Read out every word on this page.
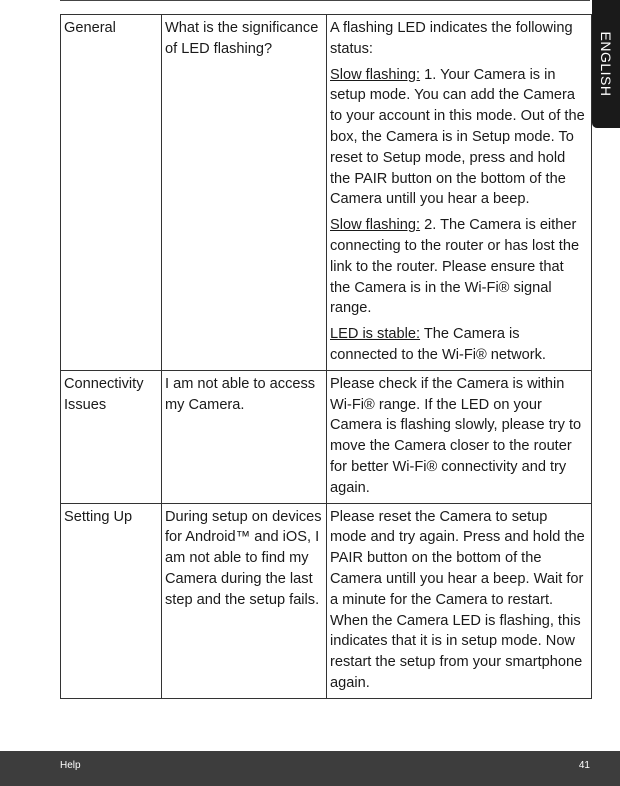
ENGLISH
General	What is the significance of LED flashing?	A flashing LED indicates the following status:

Slow flashing: 1. Your Camera is in setup mode. You can add the Camera to your account in this mode. Out of the box, the Camera is in Setup mode. To reset to Setup mode, press and hold the PAIR button on the bottom of the Camera untill you hear a beep.

Slow flashing: 2. The Camera is either connecting to the router or has lost the link to the router. Please ensure that the Camera is in the Wi-Fi® signal range.

LED is stable: The Camera is connected to the Wi-Fi® network.

Connectivity Issues	I am not able to access my Camera.	Please check if the Camera is within Wi-Fi® range. If the LED on your Camera is flashing slowly, please try to move the Camera closer to the router for better Wi-Fi® connectivity and try again.

Setting Up	During setup on devices for Android™ and iOS, I am not able to find my Camera during the last step and the setup fails.	Please reset the Camera to setup mode and try again. Press and hold the PAIR button on the bottom of the Camera untill you hear a beep. Wait for a minute for the Camera to restart. When the Camera LED is flashing, this indicates that it is in setup mode. Now restart the setup from your smartphone again.

Help	41
